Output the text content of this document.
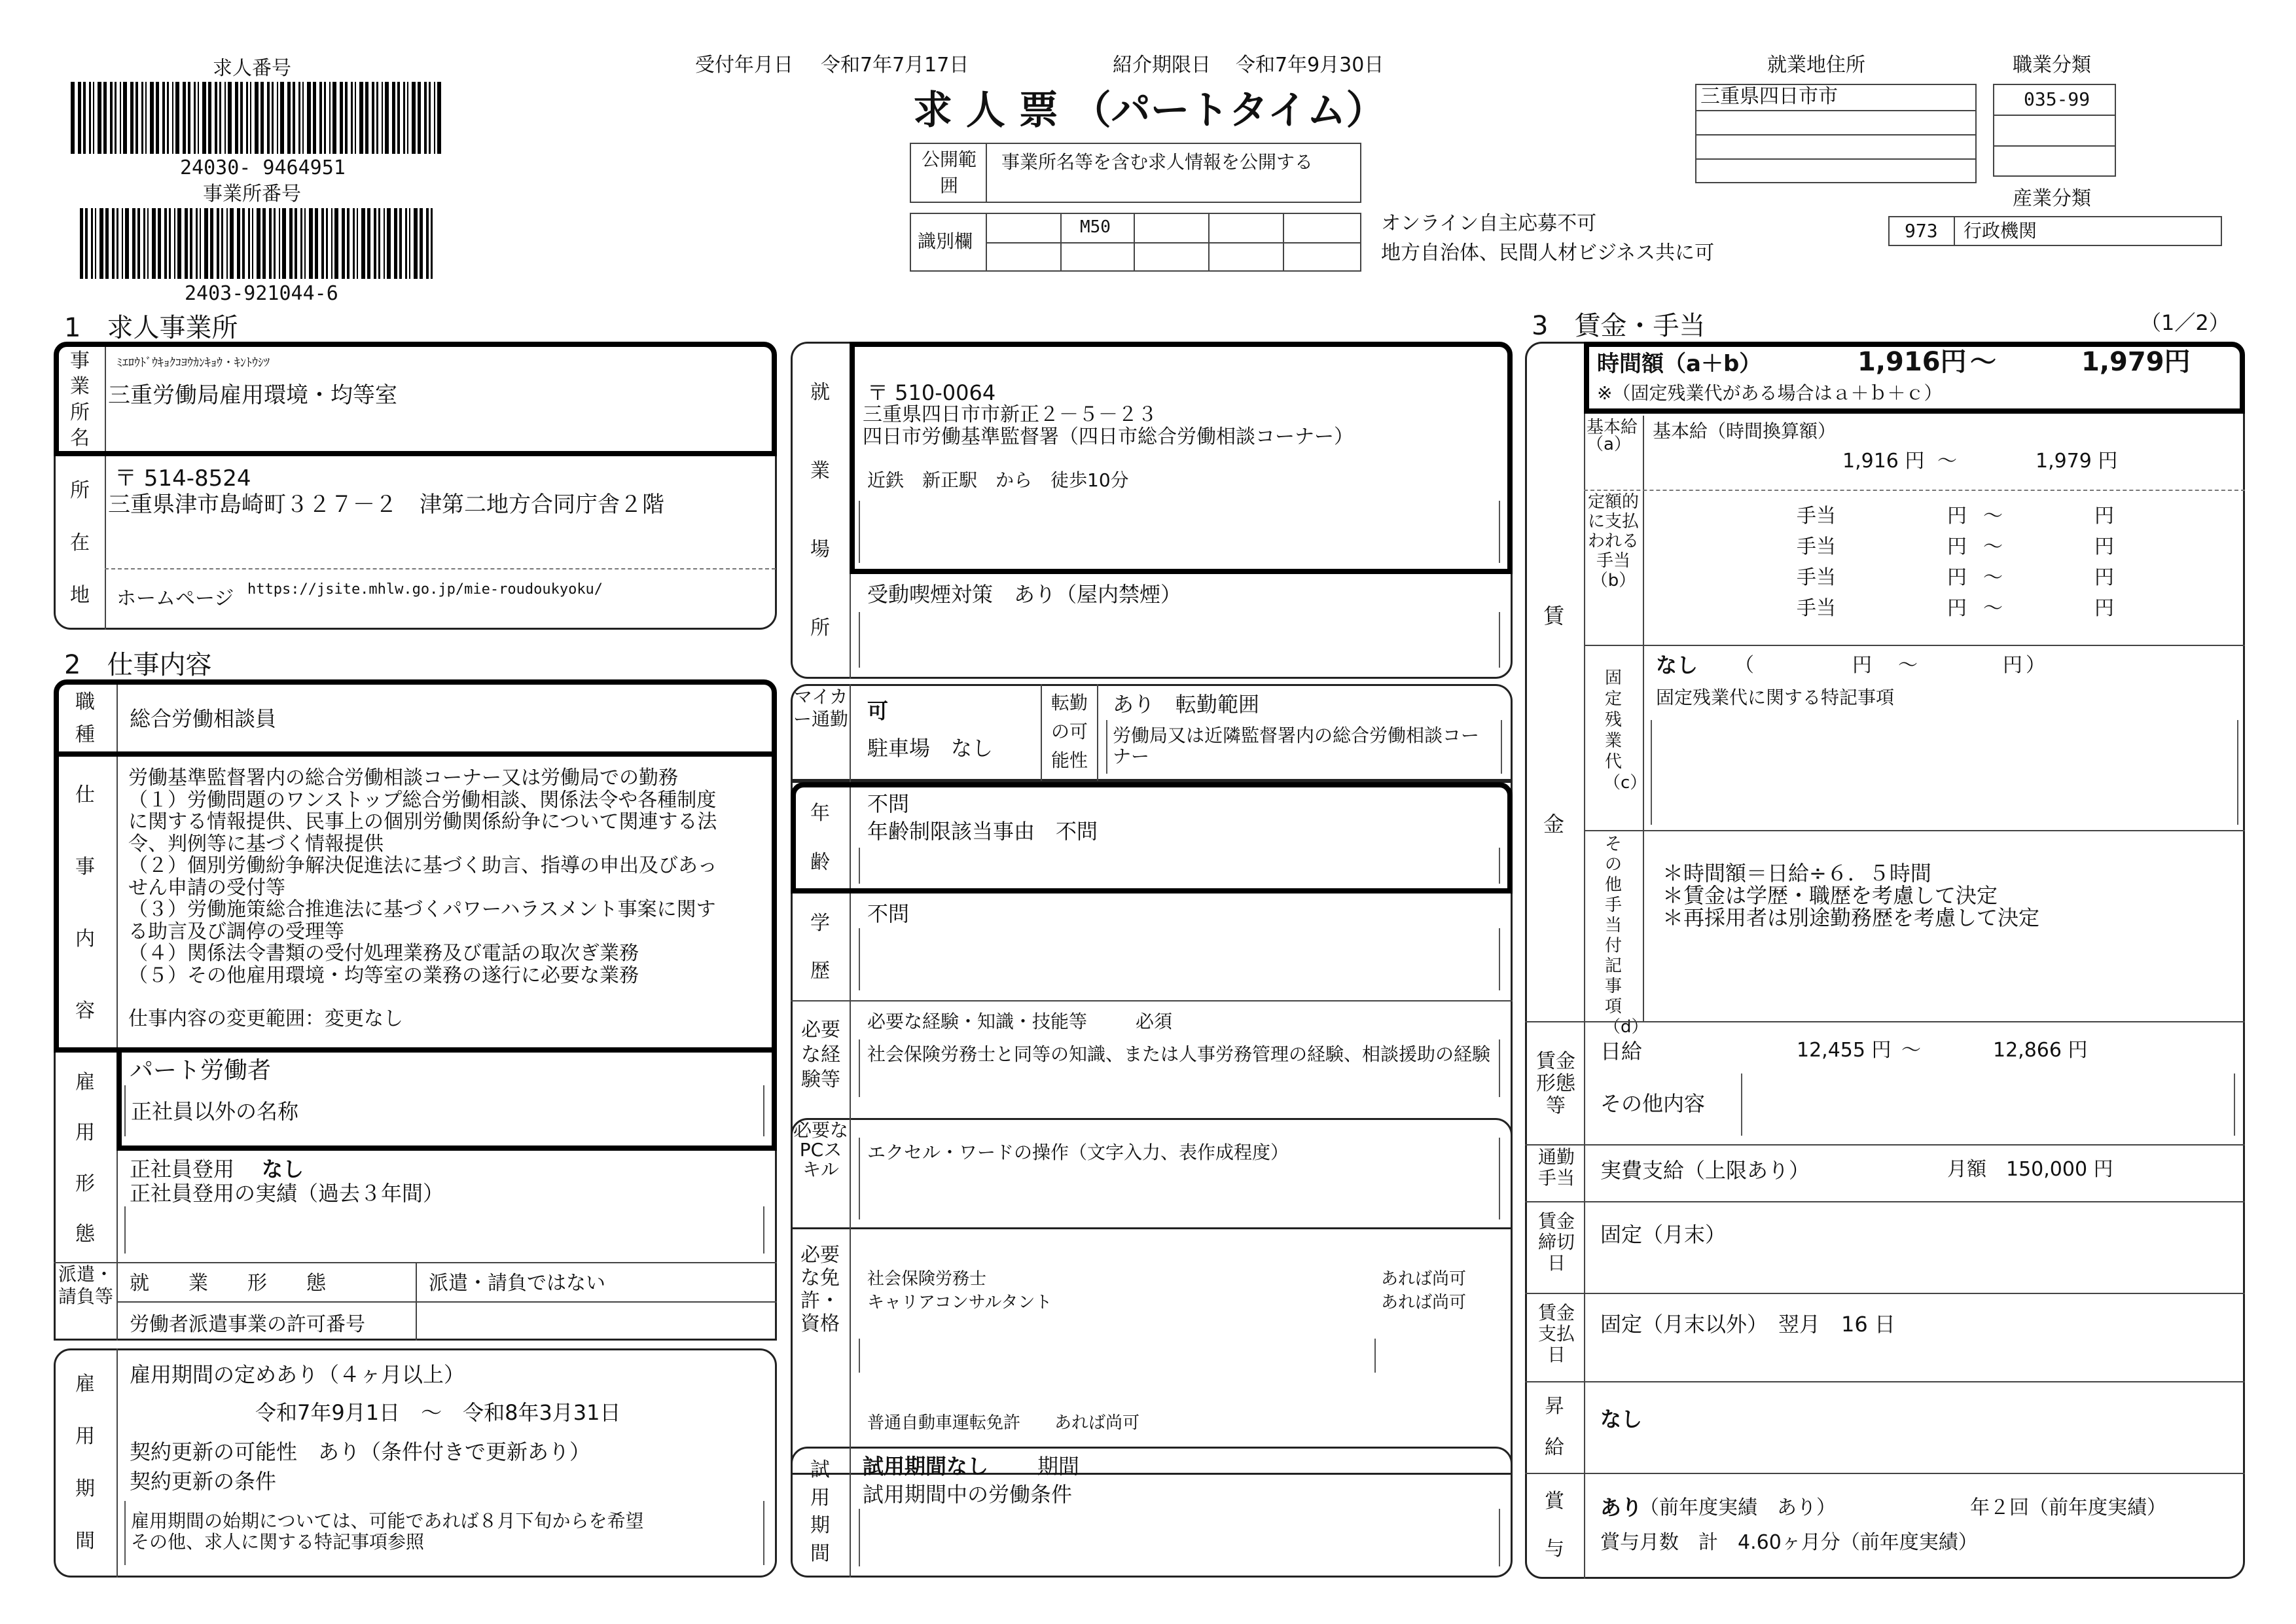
求人番号
24030- 9464951
事業所番号
2403-921044-6
受付年月日 令和7年7月17日	紹介期限日 令和7年9月30日
求 人 票 （パートタイム）
公開範囲
事業所名等を含む求人情報を公開する
識別欄
M50	オンライン自主応募不可
地方自治体、民間人材ビジネス共に可
就業地住所
三重県四日市市
職業分類
035-99
産業分類
973 行政機関
1　求人事業所
事
業
所
名
ﾐｴﾛｳﾄﾞｳｷｮｸｺﾖｳｶﾝｷｮｳ・ｷﾝﾄｳｼﾂ
三重労働局雇用環境・均等室
所
在
地
〒 514-8524
三重県津市島崎町３２７－２　津第二地方合同庁舎２階
ホームページ https://jsite.mhlw.go.jp/mie-roudoukyoku/
2　仕事内容
職
種
総合労働相談員
仕
事
内
容
労働基準監督署内の総合労働相談コーナー又は労働局での勤務
（１）労働問題のワンストップ総合労働相談、関係法令や各種制度
に関する情報提供、民事上の個別労働関係紛争について関連する法
令、判例等に基づく情報提供
（２）個別労働紛争解決促進法に基づく助言、指導の申出及びあっ
せん申請の受付等
（３）労働施策総合推進法に基づくパワーハラスメント事案に関す
る助言及び調停の受理等
（４）関係法令書類の受付処理業務及び電話の取次ぎ業務
（５）その他雇用環境・均等室の業務の遂行に必要な業務
仕事内容の変更範囲：変更なし
雇
用
形
態
パート労働者
正社員以外の名称
正社員登用 なし
正社員登用の実績（過去３年間）
派遣・請負等
就　　業　　形　　態	派遣・請負ではない
労働者派遣事業の許可番号
雇
用
期
間
雇用期間の定めあり（４ヶ月以上）
令和7年9月1日　～　令和8年3月31日
契約更新の可能性　あり（条件付きで更新あり）
契約更新の条件
雇用期間の始期については、可能であれば８月下旬からを希望
その他、求人に関する特記事項参照
就
業
場
所
〒 510-0064
三重県四日市市新正２－５－２３
四日市労働基準監督署（四日市総合労働相談コーナー）
近鉄　新正駅　から　徒歩10分
受動喫煙対策　あり（屋内禁煙）
マイカー通勤 可
駐車場　なし
転勤の可能性
あり　転勤範囲
労働局又は近隣監督署内の総合労働相談コーナー
年
齢
不問
年齢制限該当事由　不問
学
歴
不問
必要な経験等
必要な経験・知識・技能等	必須
社会保険労務士と同等の知識、または人事労務管理の経験、相談援助の経験
必要なPCスキル
エクセル・ワードの操作（文字入力、表作成程度）
必要な免許・資格
社会保険労務士	あれば尚可
キャリアコンサルタント	あれば尚可
普通自動車運転免許　　あれば尚可
試
用
期
間
試用期間なし 期間
試用期間中の労働条件
3　賃金・手当	（1／2）
賃
金
時間額（a＋b）	1,916円 ～	1,979円
※（固定残業代がある場合はａ＋ｂ＋ｃ）
基本給（a）
基本給（時間換算額）
1,916 円 ～	1,979 円
定額的に支払われる手当（b）
手当	円 ～	円
手当	円 ～	円
手当	円 ～	円
手当	円 ～	円
固定残業代（c）
なし （	円 ～	円 ）
固定残業代に関する特記事項
その他手当付記事項（d）
＊時間額＝日給÷６．５時間
＊賃金は学歴・職歴を考慮して決定
＊再採用者は別途勤務歴を考慮して決定
賃金形態等
日給	12,455 円 ～	12,866 円
その他内容
通勤手当	実費支給（上限あり）	月額　150,000 円
賃金締切日
固定（月末）
賃金支払日
固定（月末以外）　翌月　16 日
昇
給
なし
賞
与
あり
（前年度実績　あり）	年２回（前年度実績）
賞与月数　計　4.60ヶ月分（前年度実績）
